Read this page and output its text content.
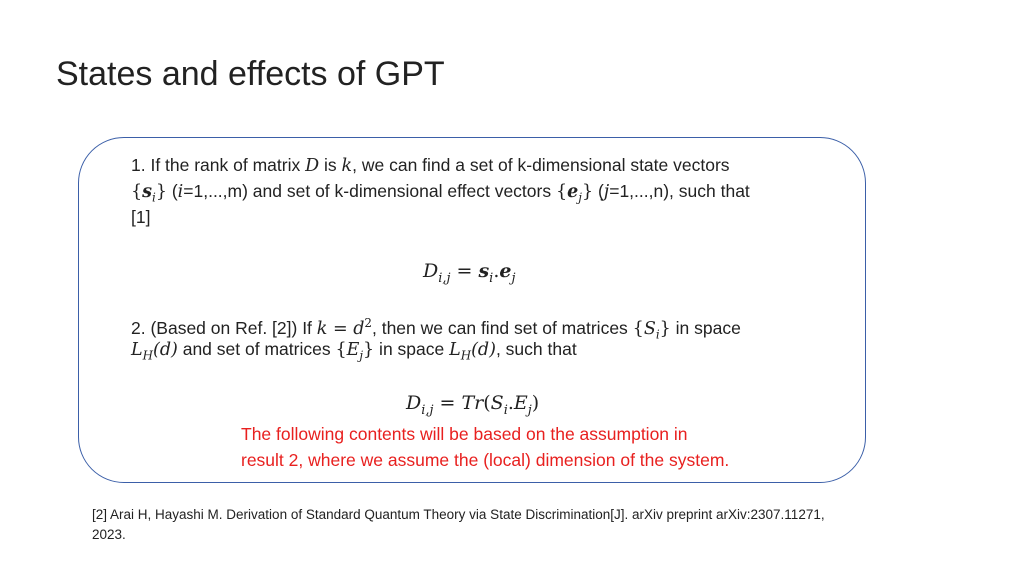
States and effects of GPT
1. If the rank of matrix D is k, we can find a set of k-dimensional state vectors
$\{s_i\}$ (i=1,...,m) and set of k-dimensional effect vectors $\{e_j\}$ (j=1,...,n), such that
[1]
$D_{i,j} = s_i.e_j$
2. (Based on Ref. [2]) If $k = d^2$, then we can find set of matrices $\{S_i\}$ in space
$L_H(d)$ and set of matrices $\{E_j\}$ in space $L_H(d)$, such that
$D_{i,j} = Tr(S_i.E_j)$
The following contents will be based on the assumption in
result 2, where we assume the (local) dimension of the system.
[2] Arai H, Hayashi M. Derivation of Standard Quantum Theory via State Discrimination[J]. arXiv preprint arXiv:2307.11271,
2023.
